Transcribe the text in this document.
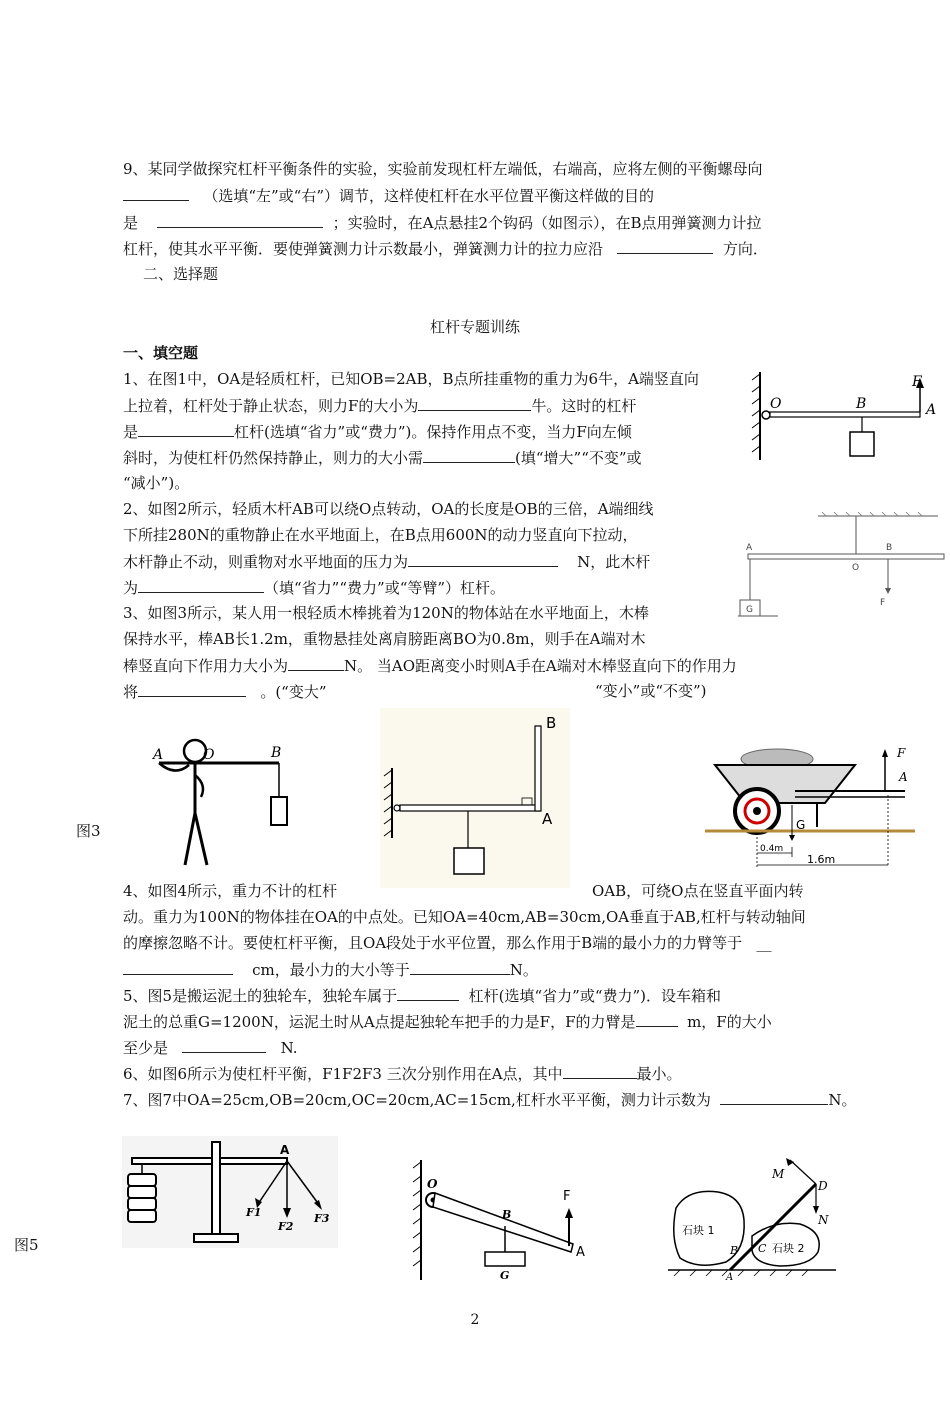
9、某同学做探究杠杆平衡条件的实验，实验前发现杠杆左端低，右端高，应将左侧的平衡螺母向
（选填“左”或“右”）调节，这样使杠杆在水平位置平衡这样做的目的
是	；实验时，在A点悬挂2个钩码（如图示），在B点用弹簧测力计拉
杠杆，使其水平平衡．要使弹簧测力计示数最小，弹簧测力计的拉力应沿	方向．
二、选择题
杠杆专题训练
一、填空题
1、在图1中，OA是轻质杠杆，已知OB=2AB，B点所挂重物的重力为6牛，A端竖直向
上拉着，杠杆处于静止状态，则力F的大小为	牛。这时的杠杆
是	杠杆(选填“省力”或“费力”)。保持作用点不变，当力F向左倾
斜时，为使杠杆仍然保持静止，则力的大小需	(填“增大”“不变”或
“减小”)。
O	B	A
F
2、如图2所示，轻质木杆AB可以绕O点转动，OA的长度是OB的三倍，A端细线
下所挂280N的重物静止在水平地面上，在B点用600N的动力竖直向下拉动，
木杆静止不动，则重物对水平地面的压力为	N，此木杆
为	（填“省力”“费力”或“等臂”）杠杆。
A
O
B
F
G
3、如图3所示，某人用一根轻质木棒挑着为120N的物体站在水平地面上，木棒
保持水平，棒AB长1.2m，重物悬挂处离肩膀距离BO为0.8m，则手在A端对木
棒竖直向下作用力大小为	N。 当AO距离变小时则A手在A端对木棒竖直向下的作用力
将	。(“变大”	“变小”或“不变”)
图3
A	O	B
B
A
F
A
G
0.4m
1.6m
4、如图4所示，重力不计的杠杆	OAB，可绕O点在竖直平面内转
动。重力为100N的物体挂在OA的中点处。已知OA=40cm,AB=30cm,OA垂直于AB,杠杆与转动轴间
的摩擦忽略不计。要使杠杆平衡，且OA段处于水平位置，那么作用于B端的最小力的力臂等于 __
cm，最小力的大小等于	N。
5、图5是搬运泥土的独轮车，独轮车属于	杠杆(选填“省力”或“费力”)．设车箱和
泥土的总重G=1200N，运泥土时从A点提起独轮车把手的力是F，F的力臂是	m，F的大小
至少是	N.
6、如图6所示为使杠杆平衡，F1F2F3 三次分别作用在A点，其中	最小。
7、图7中OA=25cm,OB=20cm,OC=20cm,AC=15cm,杠杆水平平衡，测力计示数为	N。
图5
A
F1
F2
F3
O
B
F
A
G
M
D
N
B C
A
石块 1
石块 2
2
